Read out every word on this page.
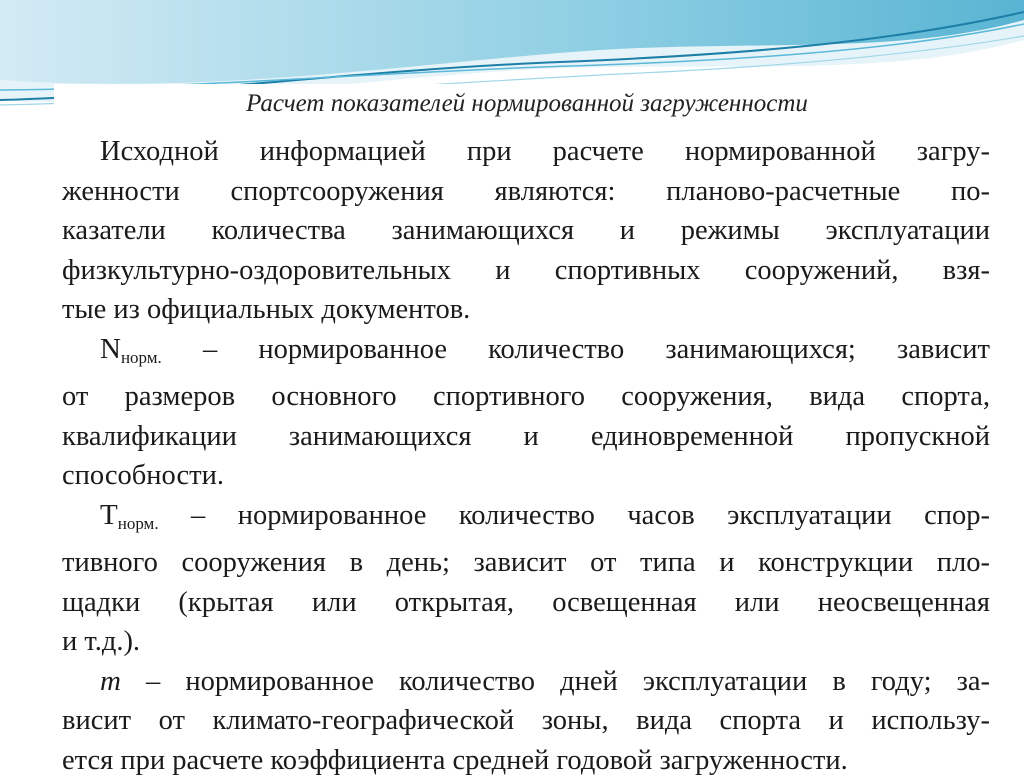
Расчет показателей нормированной загруженности

Исходной информацией при расчете нормированной загру-
женности спортсооружения являются: планово-расчетные по-
казатели количества занимающихся и режимы эксплуатации
физкультурно-оздоровительных и спортивных сооружений, взя-
тые из официальных документов.

$N_{норм.}$ – нормированное количество занимающихся; зависит
от размеров основного спортивного сооружения, вида спорта,
квалификации занимающихся и единовременной пропускной
способности.

$T_{норм.}$ – нормированное количество часов эксплуатации спор-
тивного сооружения в день; зависит от типа и конструкции пло-
щадки (крытая или открытая, освещенная или неосвещенная
и т.д.).

m – нормированное количество дней эксплуатации в году; за-
висит от климато-географической зоны, вида спорта и использу-
ется при расчете коэффициента средней годовой загруженности.
